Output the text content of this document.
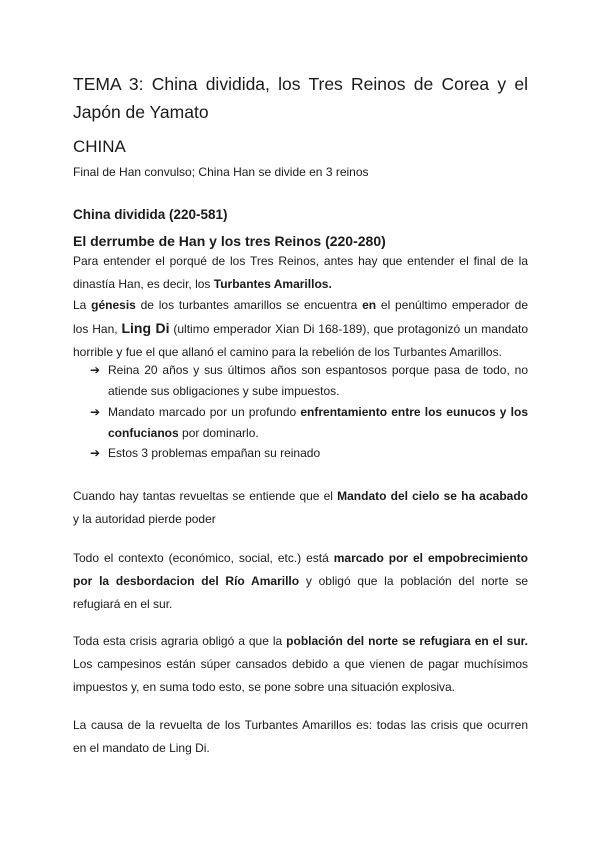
TEMA 3: China dividida, los Tres Reinos de Corea y el
Japón de Yamato
CHINA
Final de Han convulso; China Han se divide en 3 reinos
China dividida (220-581)
El derrumbe de Han y los tres Reinos (220-280)
Para entender el porqué de los Tres Reinos, antes hay que entender el final de la
dinastía Han, es decir, los Turbantes Amarillos.
La génesis de los turbantes amarillos se encuentra en el penúltimo emperador de
los Han, Ling Di (ultimo emperador Xian Di 168-189), que protagonizó un mandato
horrible y fue el que allanó el camino para la rebelión de los Turbantes Amarillos.
➔ Reina 20 años y sus últimos años son espantosos porque pasa de todo, no
atiende sus obligaciones y sube impuestos.
➔ Mandato marcado por un profundo enfrentamiento entre los eunucos y los
confucianos por dominarlo.
➔ Estos 3 problemas empañan su reinado
Cuando hay tantas revueltas se entiende que el Mandato del cielo se ha acabado
y la autoridad pierde poder
Todo el contexto (económico, social, etc.) está marcado por el empobrecimiento
por la desbordacion del Río Amarillo y obligó que la población del norte se
refugiará en el sur.
Toda esta crisis agraria obligó a que la población del norte se refugiara en el sur.
Los campesinos están súper cansados debido a que vienen de pagar muchísimos
impuestos y, en suma todo esto, se pone sobre una situación explosiva.
La causa de la revuelta de los Turbantes Amarillos es: todas las crisis que ocurren
en el mandato de Ling Di.
